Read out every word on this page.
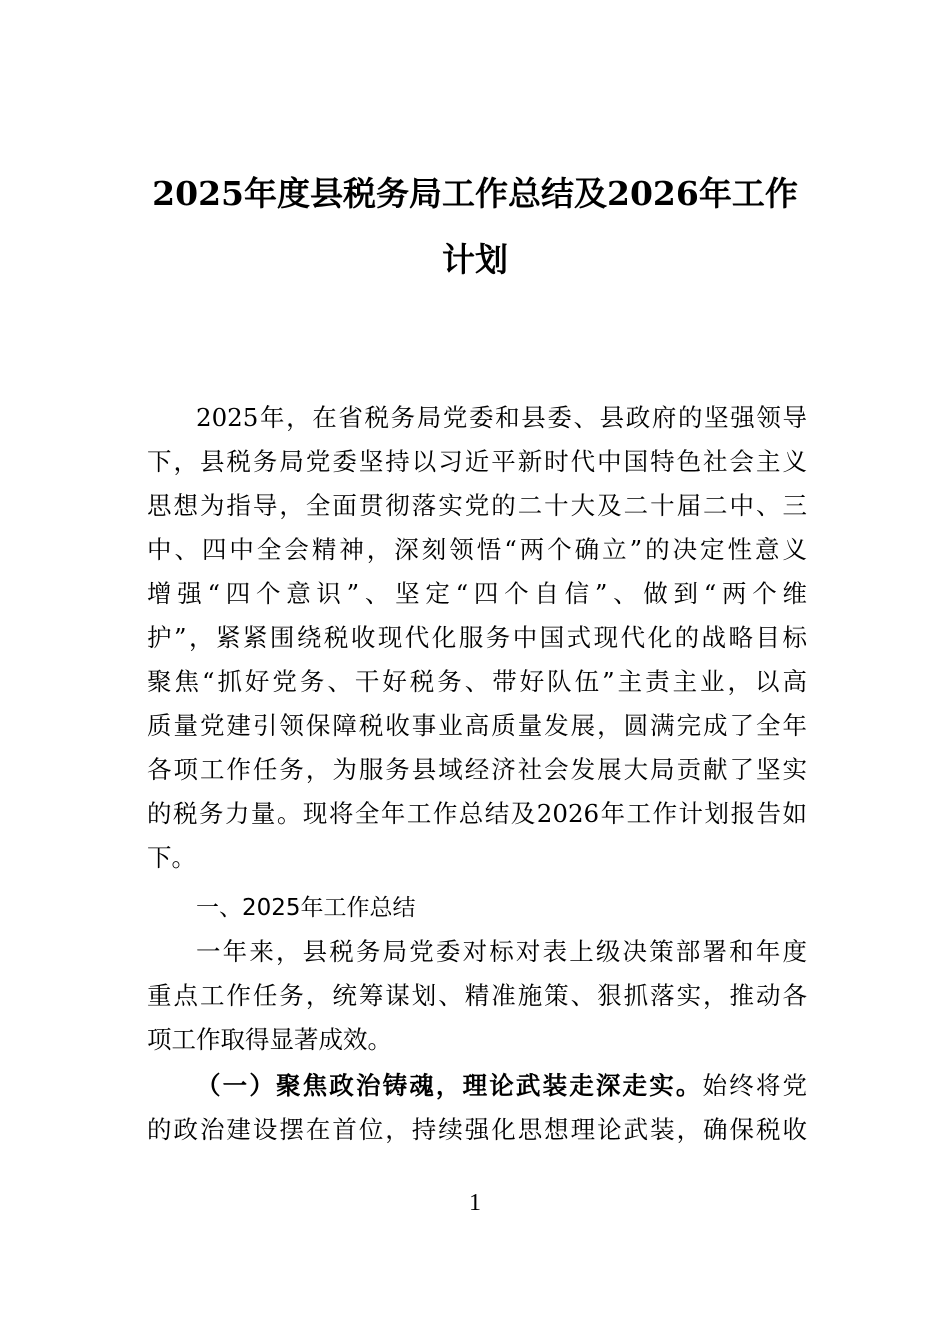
2025年度县税务局工作总结及2026年工作
计划
2025年，在省税务局党委和县委、县政府的坚强领导
下，县税务局党委坚持以习近平新时代中国特色社会主义
思想为指导，全面贯彻落实党的二十大及二十届二中、三
中、四中全会精神，深刻领悟“两个确立”的决定性意义
增强“四个意识”、坚定“四个自信”、做到“两个维
护”，紧紧围绕税收现代化服务中国式现代化的战略目标
聚焦“抓好党务、干好税务、带好队伍”主责主业，以高
质量党建引领保障税收事业高质量发展，圆满完成了全年
各项工作任务，为服务县域经济社会发展大局贡献了坚实
的税务力量。现将全年工作总结及2026年工作计划报告如
下。
一、2025年工作总结
一年来，县税务局党委对标对表上级决策部署和年度
重点工作任务，统筹谋划、精准施策、狠抓落实，推动各
项工作取得显著成效。
（一）聚焦政治铸魂，理论武装走深走实。始终将党
的政治建设摆在首位，持续强化思想理论武装，确保税收
1
